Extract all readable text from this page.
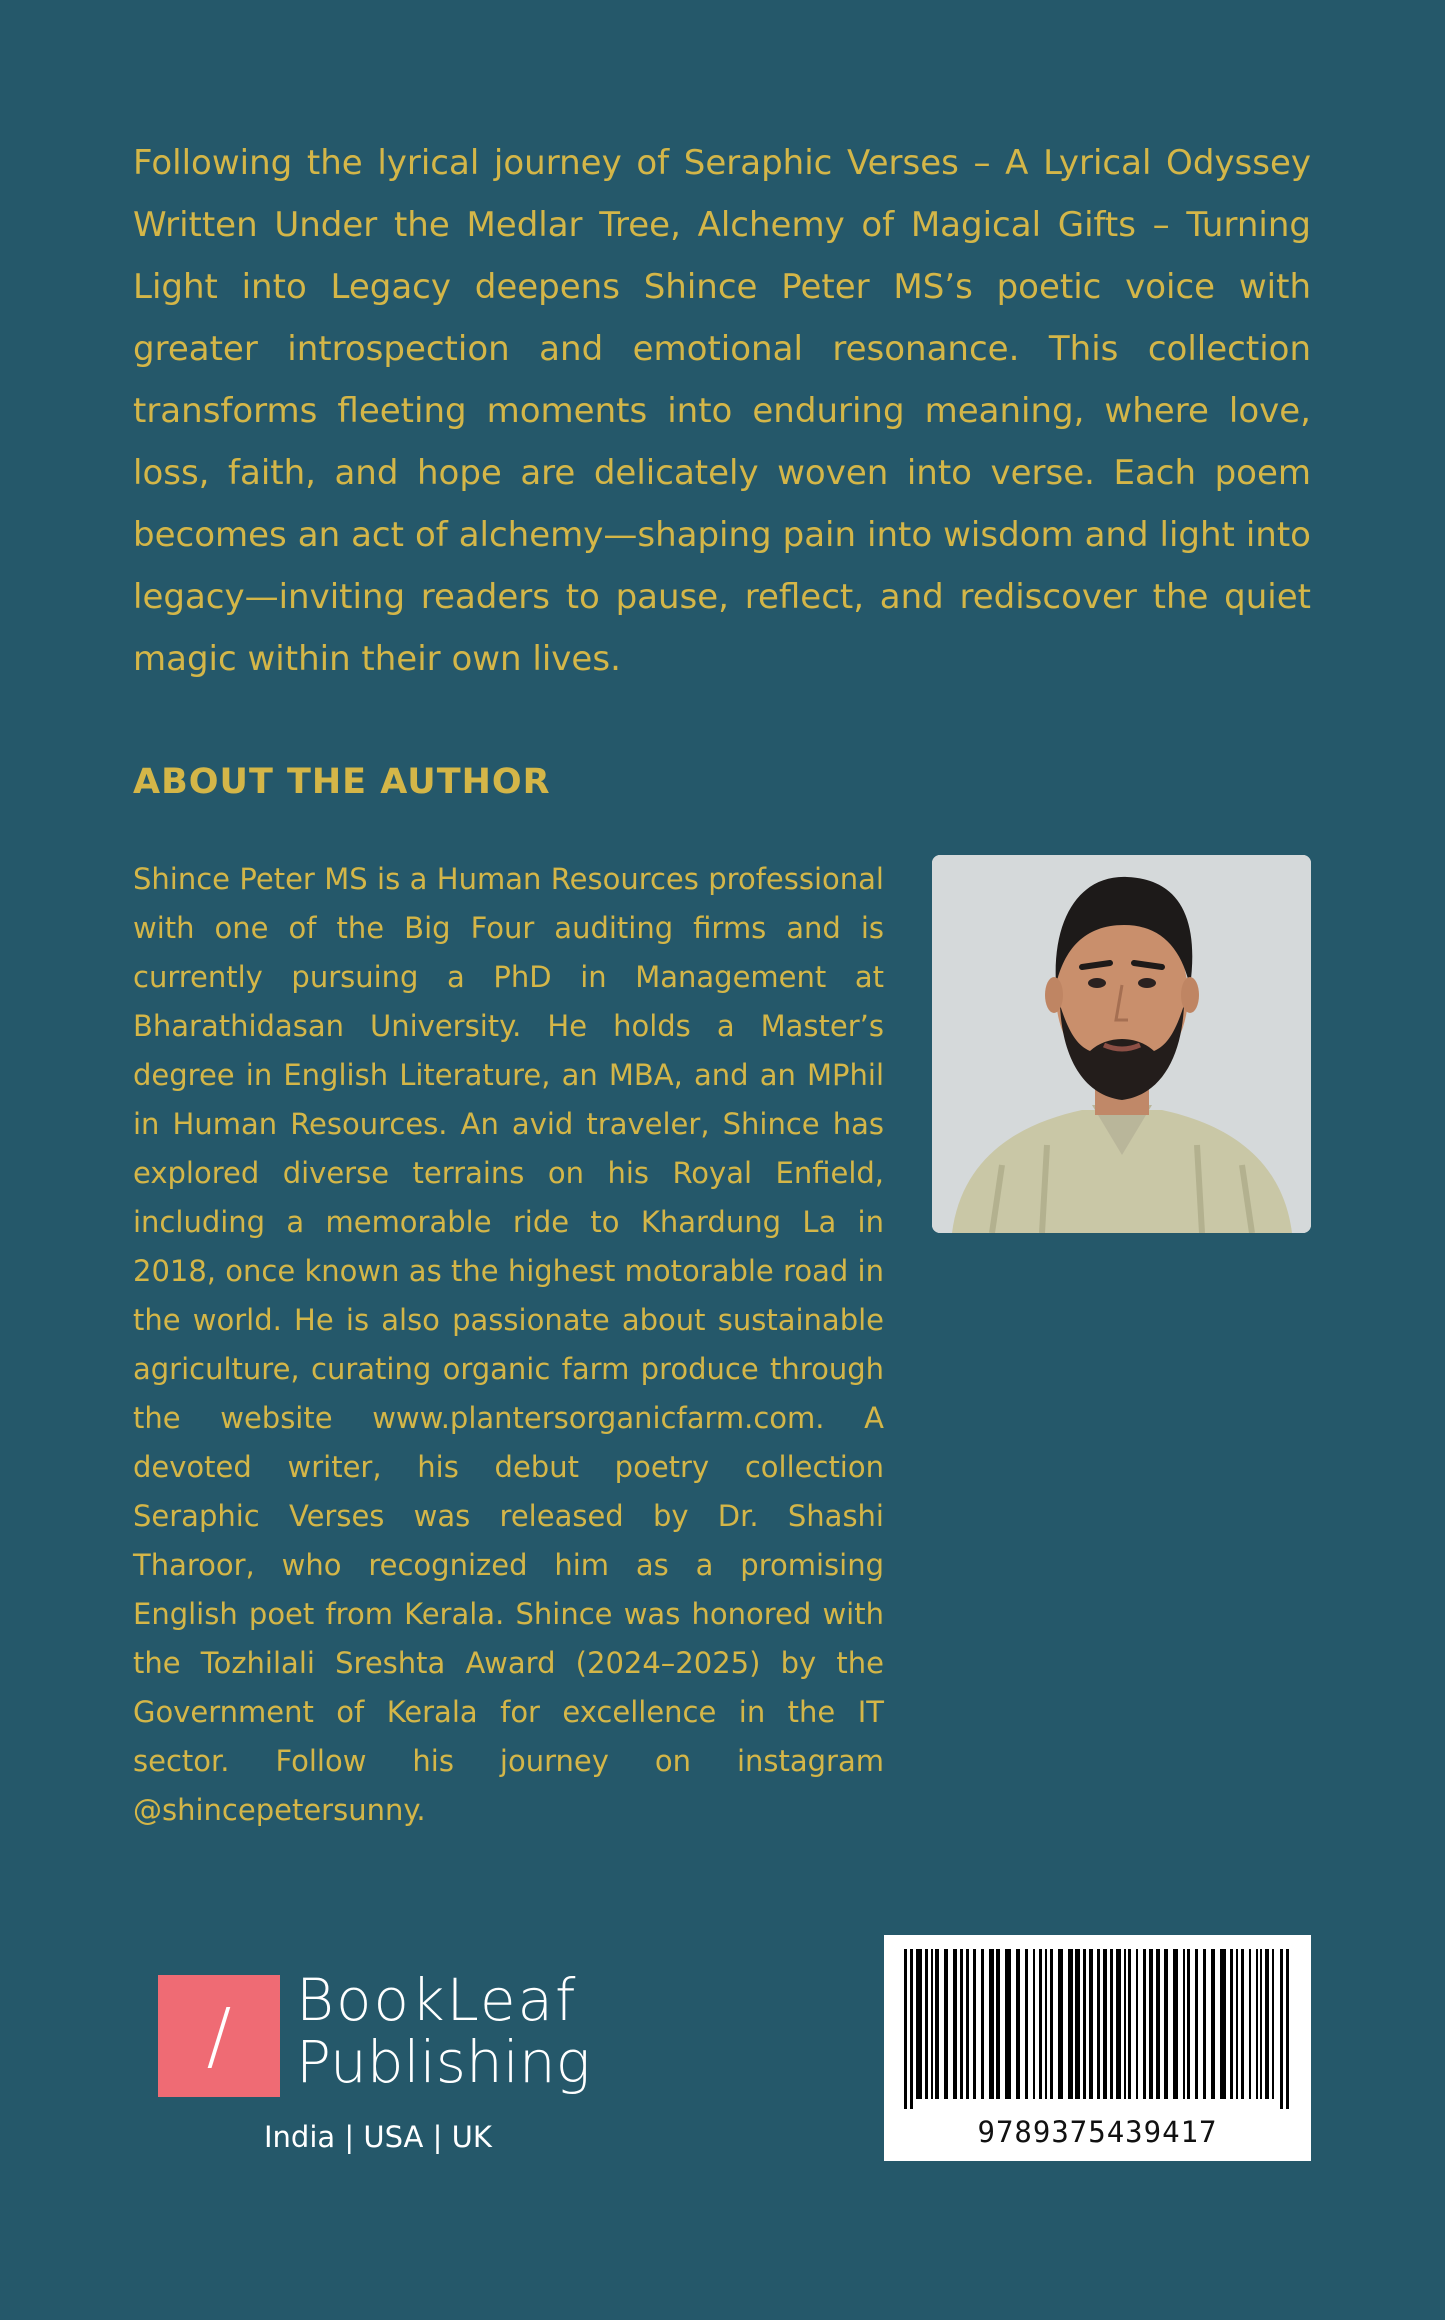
Following the lyrical journey of Seraphic Verses – A Lyrical Odyssey Written Under the Medlar Tree, Alchemy of Magical Gifts – Turning Light into Legacy deepens Shince Peter MS’s poetic voice with greater introspection and emotional resonance. This collection transforms fleeting moments into enduring meaning, where love, loss, faith, and hope are delicately woven into verse. Each poem becomes an act of alchemy—shaping pain into wisdom and light into legacy—inviting readers to pause, reflect, and rediscover the quiet magic within their own lives.

ABOUT THE AUTHOR

Shince Peter MS is a Human Resources professional with one of the Big Four auditing firms and is currently pursuing a PhD in Management at Bharathidasan University. He holds a Master’s degree in English Literature, an MBA, and an MPhil in Human Resources. An avid traveler, Shince has explored diverse terrains on his Royal Enfield, including a memorable ride to Khardung La in 2018, once known as the highest motorable road in the world. He is also passionate about sustainable agriculture, curating organic farm produce through the website www.plantersorganicfarm.com. A devoted writer, his debut poetry collection Seraphic Verses was released by Dr. Shashi Tharoor, who recognized him as a promising English poet from Kerala. Shince was honored with the Tozhilali Sreshta Award (2024–2025) by the Government of Kerala for excellence in the IT sector. Follow his journey on instagram @shincepetersunny.

/	BookLeaf

Publishing

India | USA | UK	9789375439417
